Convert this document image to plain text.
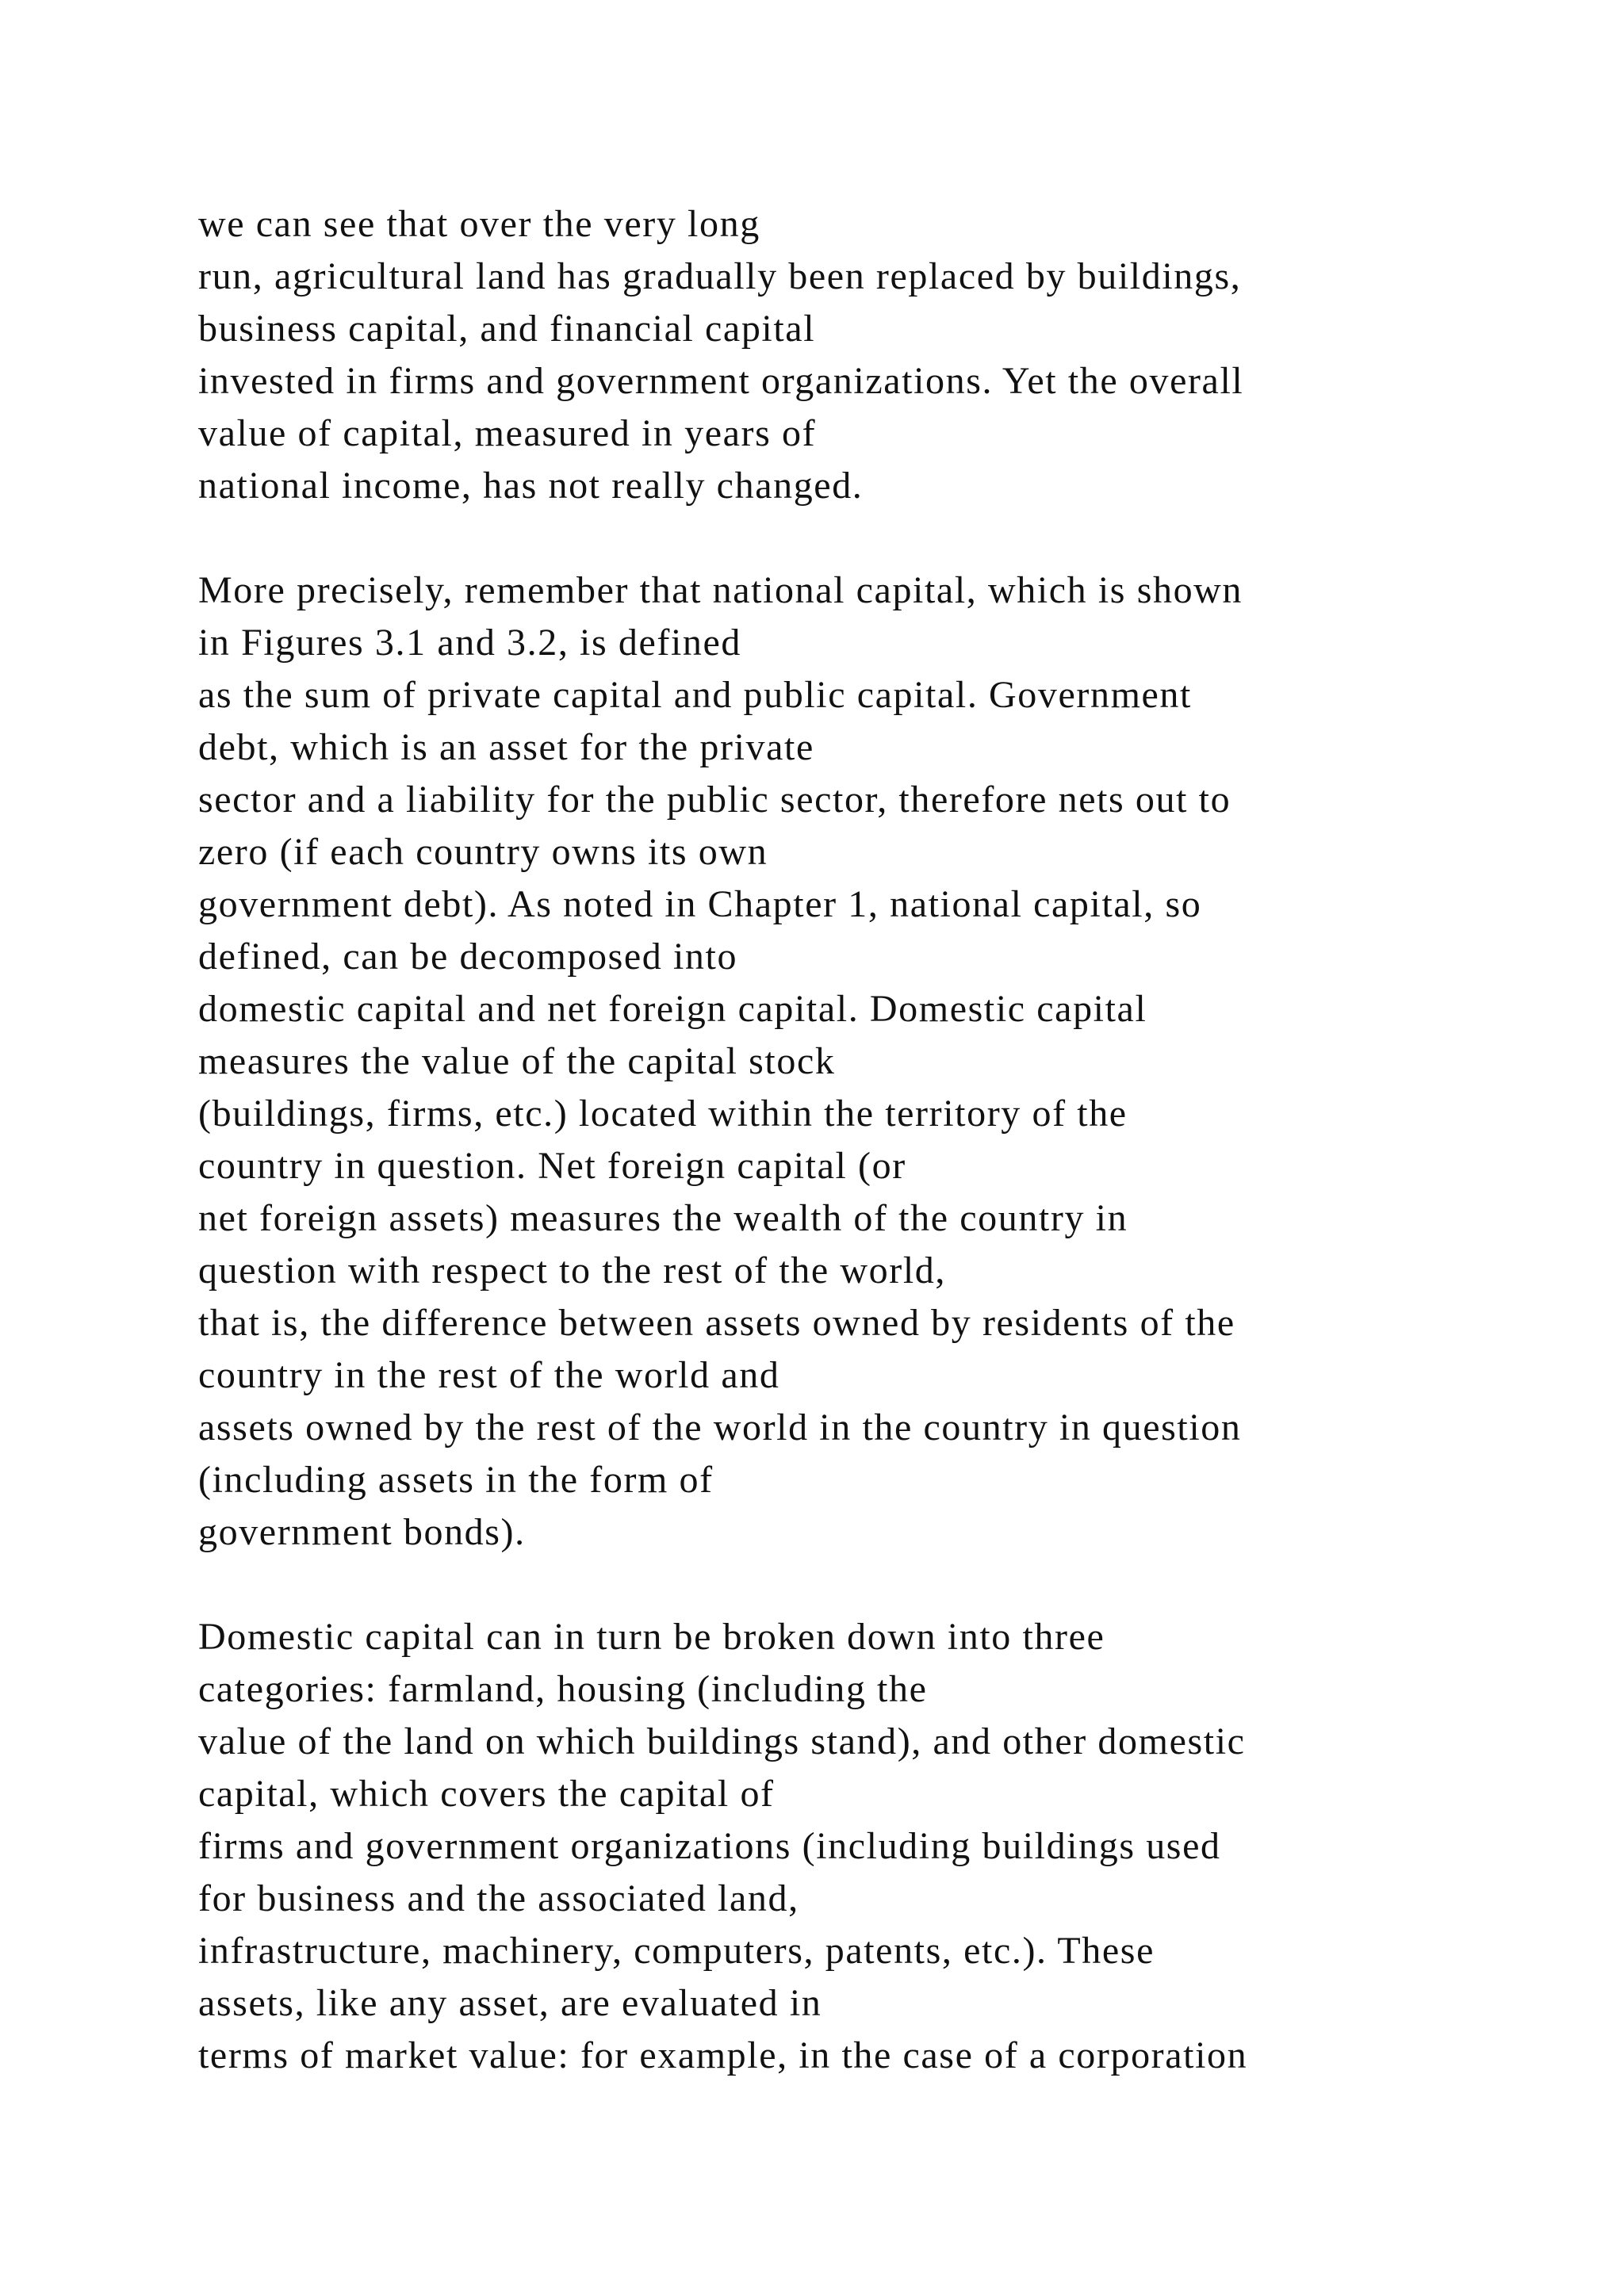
we can see that over the very long
run, agricultural land has gradually been replaced by buildings,
business capital, and financial capital
invested in firms and government organizations. Yet the overall
value of capital, measured in years of
national income, has not really changed.
More precisely, remember that national capital, which is shown
in Figures 3.1 and 3.2, is defined
as the sum of private capital and public capital. Government
debt, which is an asset for the private
sector and a liability for the public sector, therefore nets out to
zero (if each country owns its own
government debt). As noted in Chapter 1, national capital, so
defined, can be decomposed into
domestic capital and net foreign capital. Domestic capital
measures the value of the capital stock
(buildings, firms, etc.) located within the territory of the
country in question. Net foreign capital (or
net foreign assets) measures the wealth of the country in
question with respect to the rest of the world,
that is, the difference between assets owned by residents of the
country in the rest of the world and
assets owned by the rest of the world in the country in question
(including assets in the form of
government bonds).
Domestic capital can in turn be broken down into three
categories: farmland, housing (including the
value of the land on which buildings stand), and other domestic
capital, which covers the capital of
firms and government organizations (including buildings used
for business and the associated land,
infrastructure, machinery, computers, patents, etc.). These
assets, like any asset, are evaluated in
terms of market value: for example, in the case of a corporation
